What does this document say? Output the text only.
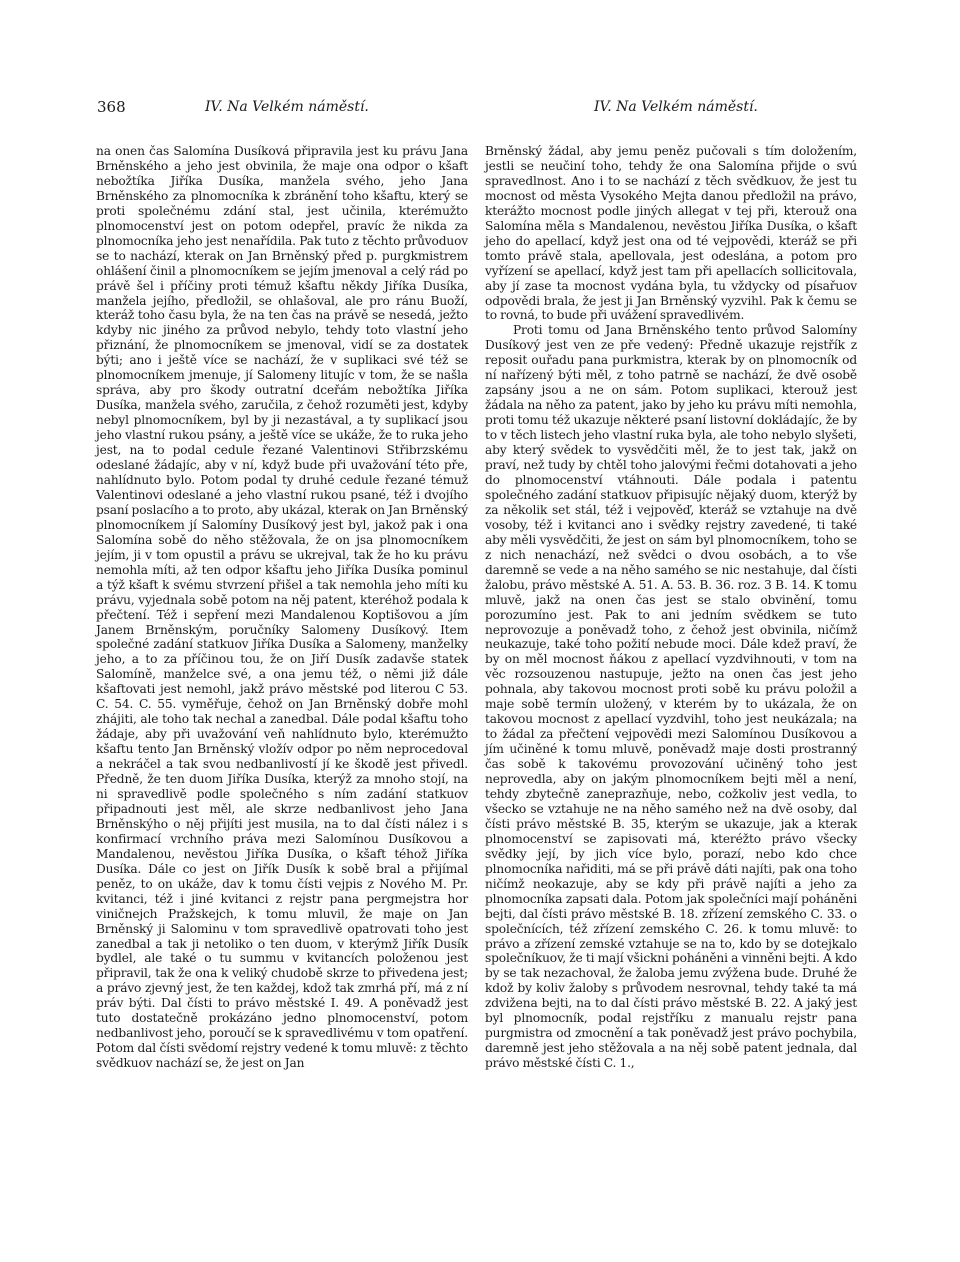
368	IV. Na Velkém náměstí.	IV. Na Velkém náměstí.

na onen čas Salomína Dusíková připravila jest ku právu Jana Brněnského a jeho jest obvinila, že maje ona odpor o kšaft nebožtíka Jiříka Dusíka, manžela svého, jeho Jana Brněnského za plnomocníka k zbránění toho kšaftu, který se proti společnému zdání stal, jest učinila, kterémužto plnomocenství jest on potom odepřel, pravíc že nikda za plnomocníka jeho jest nenařídila. Pak tuto z těchto průvoduov se to nachází, kterak on Jan Brněnský před p. purgkmistrem ohlášení činil a plnomocníkem se jejím jmenoval a celý rád po právě šel i příčiny proti témuž kšaftu někdy Jiříka Dusíka, manžela jejího, předložil, se ohlašoval, ale pro ránu Buoží, kteráž toho času byla, že na ten čas na právě se nesedá, ježto kdyby nic jiného za průvod nebylo, tehdy toto vlastní jeho přiznání, že plnomocníkem se jmenoval, vidí se za dostatek býti; ano i ještě více se nachází, že v suplikaci své též se plnomocníkem jmenuje, jí Salomeny litujíc v tom, že se našla správa, aby pro škody outratní dceřám nebožtíka Jiříka Dusíka, manžela svého, zaručila, z čehož rozuměti jest, kdyby nebyl plnomocníkem, byl by ji nezastával, a ty suplikací jsou jeho vlastní rukou psány, a ještě více se ukáže, že to ruka jeho jest, na to podal cedule řezané Valentinovi Střibrzskému odeslané žádajíc, aby v ní, když bude při uvažování této pře, nahlídnuto bylo. Potom podal ty druhé cedule řezané témuž Valentinovi odeslané a jeho vlastní rukou psané, též i dvojího psaní poslacího a to proto, aby ukázal, kterak on Jan Brněnský plnomocníkem jí Salomíny Dusíkový jest byl, jakož pak i ona Salomína sobě do něho stěžovala, že on jsa plnomocníkem jejím, ji v tom opustil a právu se ukrejval, tak že ho ku právu nemohla míti, až ten odpor kšaftu jeho Jiříka Dusíka pominul a týž kšaft k svému stvrzení přišel a tak nemohla jeho míti ku právu, vyjednala sobě potom na něj patent, kteréhož podala k přečtení. Též i sepření mezi Mandalenou Koptišovou a jím Janem Brněnským, poručníky Salomeny Dusíkový. Item společné zadání statkuov Jiříka Dusíka a Salomeny, manželky jeho, a to za příčinou tou, že on Jiří Dusík zadavše statek Salomíně, manželce své, a ona jemu též, o němi již dále kšaftovati jest nemohl, jakž právo městské pod literou C 53. C. 54. C. 55. vyměřuje, čehož on Jan Brněnský dobře mohl zhájiti, ale toho tak nechal a zanedbal. Dále podal kšaftu toho žádaje, aby při uvažování veň nahlídnuto bylo, kterémužto kšaftu tento Jan Brněnský vložív odpor po něm neprocedoval a nekráčel a tak svou nedbanlivostí jí ke škodě jest přivedl. Předně, že ten duom Jiříka Dusíka, kterýž za mnoho stojí, na ni spravedlivě podle společného s ním zadání statkuov připadnouti jest měl, ale skrze nedbanlivost jeho Jana Brněnskýho o něj přijíti jest musila, na to dal čísti nález i s konfirmací vrchního práva mezi Salomínou Dusíkovou a Mandalenou, nevěstou Jiříka Dusíka, o kšaft téhož Jiříka Dusíka. Dále co jest on Jiřík Dusík k sobě bral a přijímal peněz, to on ukáže, dav k tomu čísti vejpis z Nového M. Pr. kvitanci, též i jiné kvitanci z rejstr pana pergmejstra hor viničnejch Pražskejch, k tomu mluvil, že maje on Jan Brněnský ji Salominu v tom spravedlivě opatrovati toho jest zanedbal a tak ji netoliko o ten duom, v kterýmž Jiřík Dusík bydlel, ale také o tu summu v kvitancích položenou jest připravil, tak že ona k veliký chudobě skrze to přivedena jest; a právo zjevný jest, že ten každej, kdož tak zmrhá pří, má z ní práv býti. Dal čísti to právo městské I. 49. A poněvadž jest tuto dostatečně prokázáno jedno plnomocenství, potom nedbanlivost jeho, poroučí se k spravedlivému v tom opatření. Potom dal čísti svědomí rejstry vedené k tomu mluvě: z těchto svědkuov nachází se, že jest on Jan

Brněnský žádal, aby jemu peněz pučovali s tím doložením, jestli se neučiní toho, tehdy že ona Salomína přijde o svú spravedlnost. Ano i to se nachází z těch svědkuov, že jest tu mocnost od města Vysokého Mejta danou předložil na právo, kterážto mocnost podle jiných allegat v tej při, kterouž ona Salomína měla s Mandalenou, nevěstou Jiříka Dusíka, o kšaft jeho do apellací, když jest ona od té vejpovědi, kteráž se při tomto právě stala, apellovala, jest odeslána, a potom pro vyřízení se apellací, když jest tam při apellacích sollicitovala, aby jí zase ta mocnost vydána byla, tu vždycky od písařuov odpovědi brala, že jest ji Jan Brněnský vyzvihl. Pak k čemu se to rovná, to bude při uvážení spravedlivém.

Proti tomu od Jana Brněnského tento průvod Salomíny Dusíkový jest ven ze pře vedený: Předně ukazuje rejstřík z reposit ouřadu pana purkmistra, kterak by on plnomocník od ní nařízený býti měl, z toho patrně se nachází, že dvě osobě zapsány jsou a ne on sám. Potom suplikaci, kterouž jest žádala na něho za patent, jako by jeho ku právu míti nemohla, proti tomu též ukazuje některé psaní listovní dokládajíc, že by to v těch listech jeho vlastní ruka byla, ale toho nebylo slyšeti, aby který svědek to vysvědčiti měl, že to jest tak, jakž on praví, než tudy by chtěl toho jalovými řečmi dotahovati a jeho do plnomocenství vtáhnouti. Dále podala i patentu společného zadání statkuov připisujíc nějaký duom, kterýž by za několik set stál, též i vejpověď, kteráž se vztahuje na dvě vosoby, též i kvitanci ano i svědky rejstry zavedené, ti také aby měli vysvědčiti, že jest on sám byl plnomocníkem, toho se z nich nenachází, než svědci o dvou osobách, a to vše daremně se vede a na něho samého se nic nestahuje, dal čísti žalobu, právo městské A. 51. A. 53. B. 36. roz. 3 B. 14. K tomu mluvě, jakž na onen čas jest se stalo obvinění, tomu porozumíno jest. Pak to ani jedním svědkem se tuto neprovozuje a poněvadž toho, z čehož jest obvinila, ničímž neukazuje, také toho požití nebude moci. Dále kdež praví, že by on měl mocnost ňákou z apellací vyzdvihnouti, v tom na věc rozsouzenou nastupuje, ježto na onen čas jest jeho pohnala, aby takovou mocnost proti sobě ku právu položil a maje sobě termín uložený, v kterém by to ukázala, že on takovou mocnost z apellací vyzdvihl, toho jest neukázala; na to žádal za přečtení vejpovědi mezi Salomínou Dusíkovou a jím učiněné k tomu mluvě, poněvadž maje dosti prostranný čas sobě k takovému provozování učiněný toho jest neprovedla, aby on jakým plnomocníkem bejti měl a není, tehdy zbytečně zaneprazňuje, nebo, cožkoliv jest vedla, to všecko se vztahuje ne na něho samého než na dvě osoby, dal čísti právo městské B. 35, kterým se ukazuje, jak a kterak plnomocenství se zapisovati má, kteréžto právo všecky svědky její, by jich více bylo, porazí, nebo kdo chce plnomocníka nařiditi, má se při právě dáti najíti, pak ona toho ničímž neokazuje, aby se kdy při právě najíti a jeho za plnomocníka zapsati dala. Potom jak společníci mají poháněni bejti, dal čísti právo městské B. 18. zřízení zemského C. 33. o společnících, též zřízení zemského C. 26. k tomu mluvě: to právo a zřízení zemské vztahuje se na to, kdo by se dotejkalo společníkuov, že ti mají všickni poháněni a vinněni bejti. A kdo by se tak nezachoval, že žaloba jemu zvýžena bude. Druhé že kdož by koliv žaloby s průvodem nesrovnal, tehdy také ta má zdvižena bejti, na to dal čísti právo městské B. 22. A jaký jest byl plnomocník, podal rejstříku z manualu rejstr pana purgmistra od zmocnění a tak poněvadž jest právo pochybila, daremně jest jeho stěžovala a na něj sobě patent jednala, dal právo městské čísti C. 1.,
